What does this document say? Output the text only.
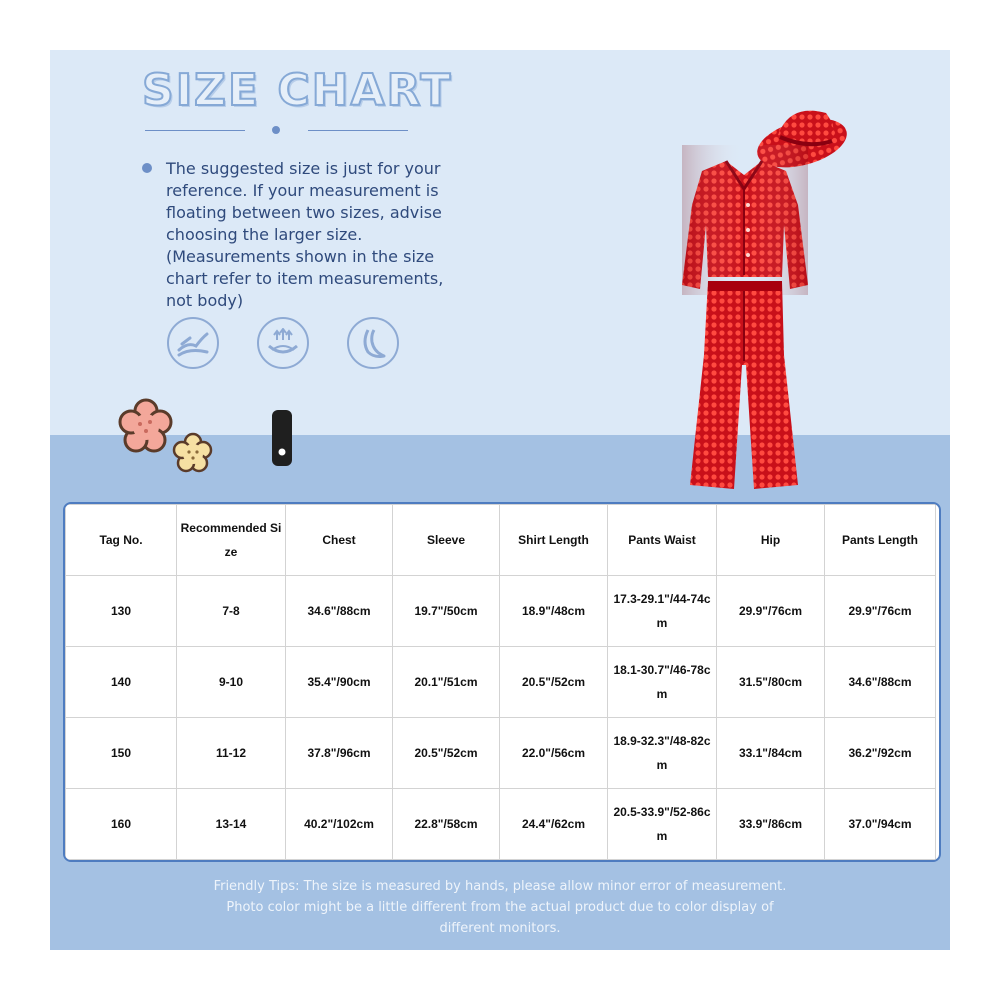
SIZE CHART

The suggested size is just for your
reference. If your measurement is
floating between two sizes, advise
choosing the larger size.
(Measurements shown in the size
chart refer to item measurements,
not body)

Tag No.	Recommended Size	Chest	Sleeve	Shirt Length	Pants Waist	Hip	Pants Length
130	7-8	34.6"/88cm	19.7"/50cm	18.9"/48cm	17.3-29.1"/44-74cm	29.9"/76cm	29.9"/76cm
140	9-10	35.4"/90cm	20.1"/51cm	20.5"/52cm	18.1-30.7"/46-78cm	31.5"/80cm	34.6"/88cm
150	11-12	37.8"/96cm	20.5"/52cm	22.0"/56cm	18.9-32.3"/48-82cm	33.1"/84cm	36.2"/92cm
160	13-14	40.2"/102cm	22.8"/58cm	24.4"/62cm	20.5-33.9"/52-86cm	33.9"/86cm	37.0"/94cm

Friendly Tips: The size is measured by hands, please allow minor error of measurement.
Photo color might be a little different from the actual product due to color display of
different monitors.
